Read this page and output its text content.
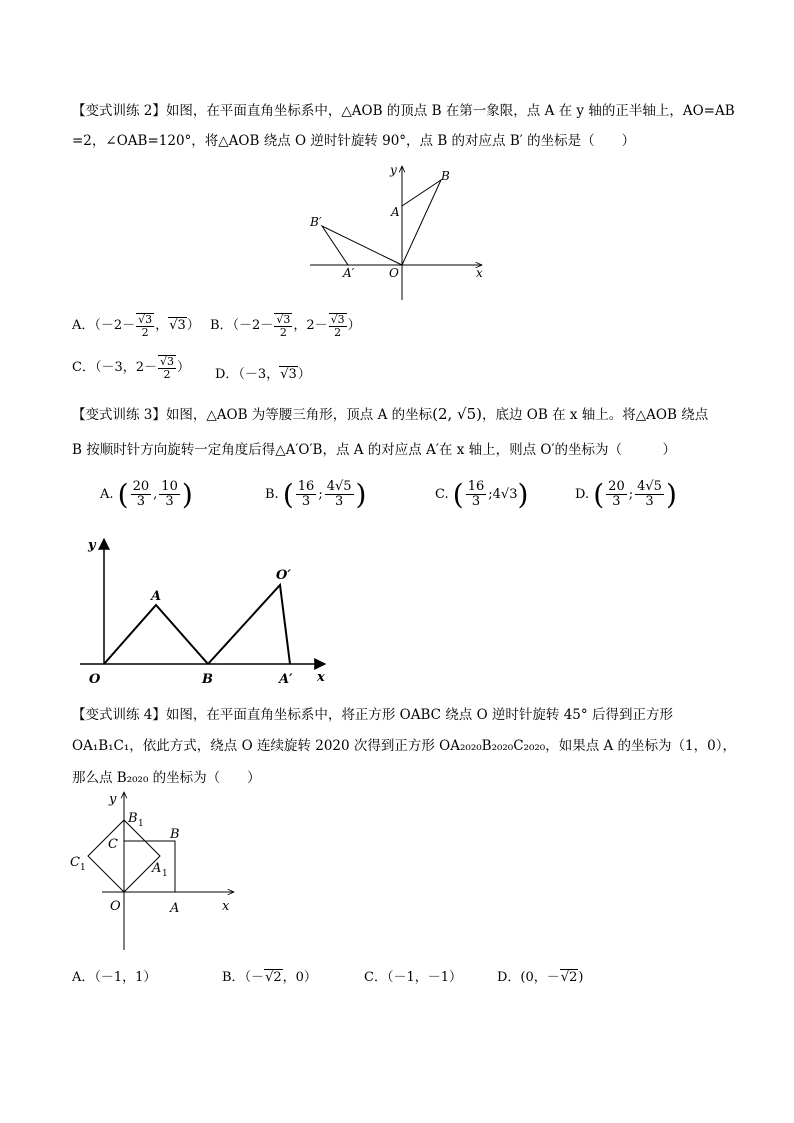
【变式训练 2】如图，在平面直角坐标系中，△AOB 的顶点 B 在第一象限，点 A 在 y 轴的正半轴上，AO=AB
=2，∠OAB=120°，将△AOB 绕点 O 逆时针旋转 90°，点 B 的对应点 B′ 的坐标是（　　）
y
x
B
A
B′
A′	O
A．（$-2- \frac{√3}{2}$ ，√3） B．（$-2- \frac{√3}{2}$ ，$2- \frac{√3}{2}$ ）
C．（－3，$2- \frac{√3}{2}$ ） D．（－3，√3）
【变式训练 3】如图，△AOB 为等腰三角形，顶点 A 的坐标(2, √5)，底边 OB 在 x 轴上。将△AOB 绕点
B 按顺时针方向旋转一定角度后得△A′O′B，点 A 的对应点 A′在 x 轴上，则点 O′的坐标为（　　　）
A. ( $\frac{20}{3}$ , $\frac{10}{3}$ )	B. ( $\frac{16}{3}$ ; $\frac{4√5}{3}$ )	C. ( $\frac{16}{3}$ ;4√3)	D. ( $\frac{20}{3}$ ; $\frac{4√5}{3}$ )
y
x
A
O′
O	B	A′
【变式训练 4】如图，在平面直角坐标系中，将正方形 OABC 绕点 O 逆时针旋转 45° 后得到正方形
OA₁B₁C₁，依此方式，绕点 O 连续旋转 2020 次得到正方形 OA₂₀₂₀B₂₀₂₀C₂₀₂₀，如果点 A 的坐标为（1，0），
那么点 B₂₀₂₀ 的坐标为（　　）
y
x
B 1
B
C
C 1	A 1
O	A
A．（－1，1）	B．（－√2，0）	C．（－1，－1）	D．(0，－√2)
